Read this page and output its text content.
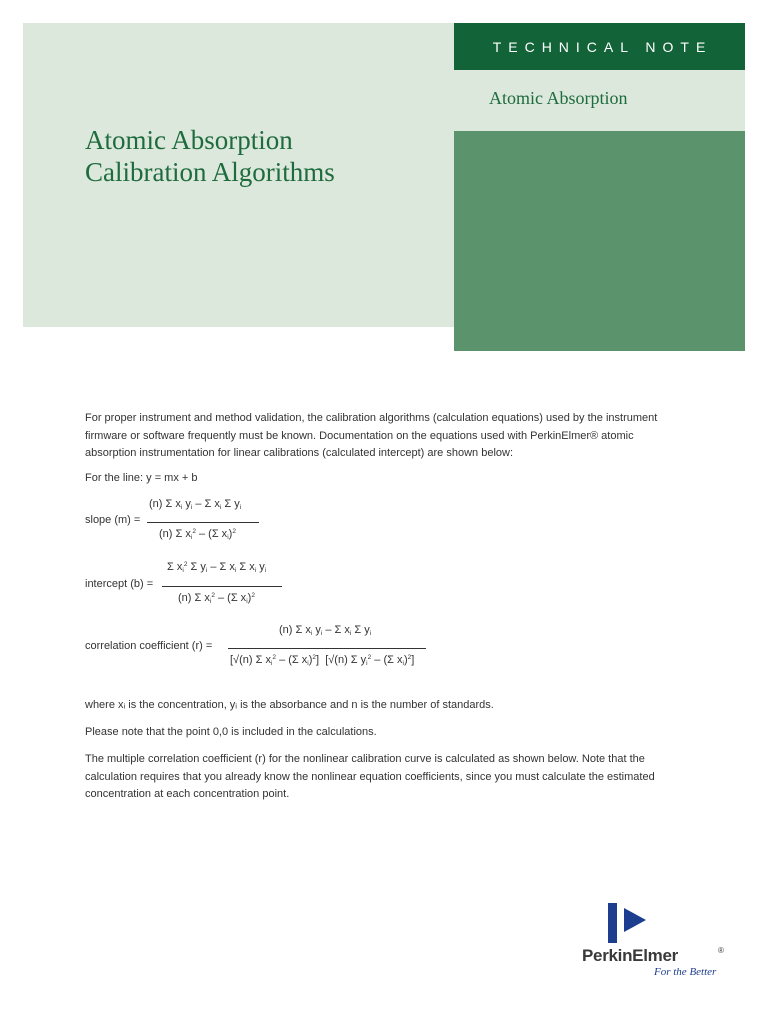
TECHNICAL NOTE
Atomic Absorption
Atomic Absorption
Calibration Algorithms

For proper instrument and method validation, the calibration algorithms (calculation equations) used by the instrument firmware or software frequently must be known. Documentation on the equations used with PerkinElmer® atomic absorption instrumentation for linear calibrations (calculated intercept) are shown below:

For the line: y = mx + b

slope (m) =
(n) Σ $x_i$ $y_i$ – Σ $x_i$ Σ $y_i$
(n) Σ $x_i^2 - (\Sigma$ $x_i)^2$
intercept (b) =
Σ $x_i^2$ Σ $y_i$ – Σ $x_i$ Σ $x_i$ $y_i$
(n) Σ $x_i^2 - (\Sigma$ $x_i)^2$
correlation coefficient (r) =
(n) Σ $x_i$ $y_i$ – Σ $x_i$ Σ $y_i$
[√(n) Σ $x_i^2 - (\Sigma$ $x_i)^2$]  [√(n) Σ $y_i^2 - (\Sigma$ $x_i)^2$]

where xᵢ is the concentration, yᵢ is the absorbance and n is the number of standards.

Please note that the point 0,0 is included in the calculations.

The multiple correlation coefficient (r) for the nonlinear calibration curve is calculated as shown below. Note that the calculation requires that you already know the nonlinear equation coefficients, since you must calculate the estimated concentration at each concentration point.

PerkinElmer	®
For the Better
